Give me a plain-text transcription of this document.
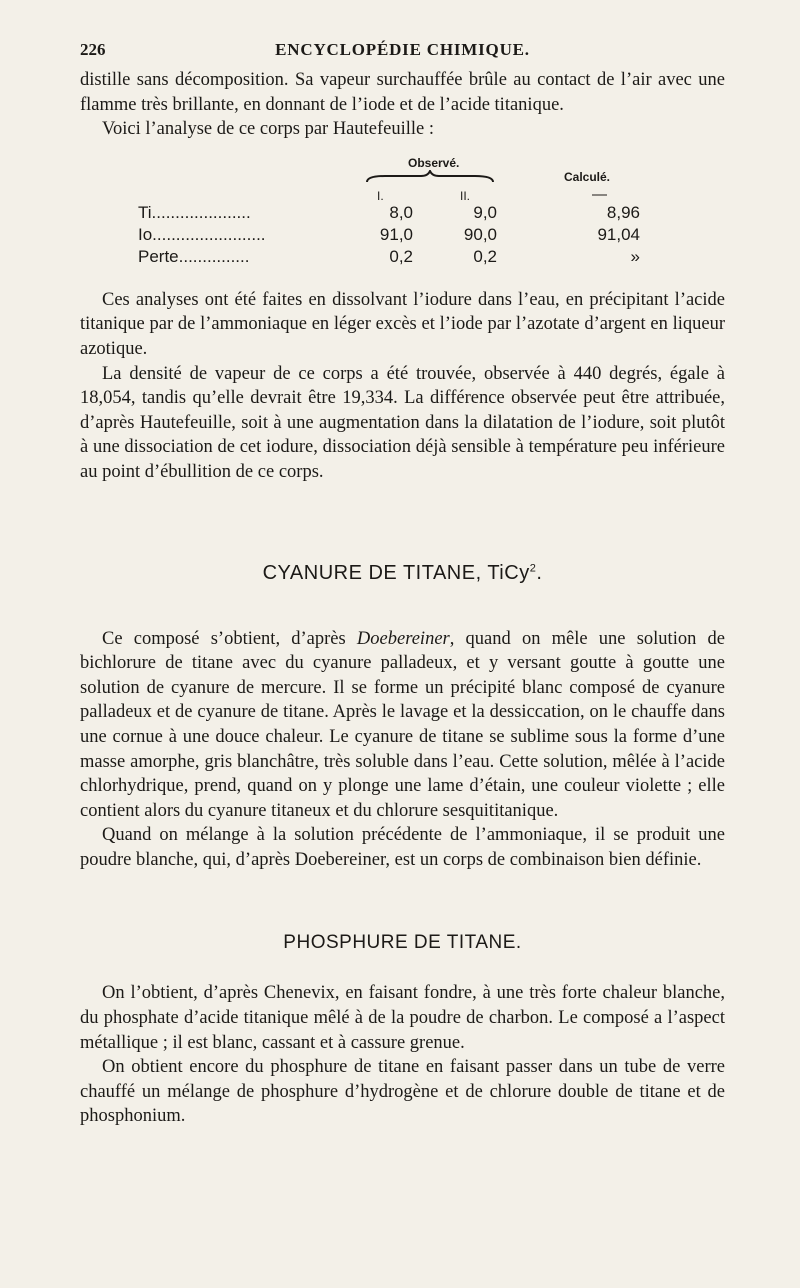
226	ENCYCLOPÉDIE CHIMIQUE.

distille sans décomposition. Sa vapeur surchauffée brûle au contact de l’air avec une flamme très brillante, en donnant de l’iode et de l’acide titanique.

Voici l’analyse de ce corps par Hautefeuille :

Observé.
Calculé.
I.	II.	—
Ti.....................	8,0	9,0	8,96
Io........................	91,0	90,0	91,04
Perte...............	0,2	0,2	»

Ces analyses ont été faites en dissolvant l’iodure dans l’eau, en précipitant l’acide titanique par de l’ammoniaque en léger excès et l’iode par l’azotate d’argent en liqueur azotique.

La densité de vapeur de ce corps a été trouvée, observée à 440 degrés, égale à 18,054, tandis qu’elle devrait être 19,334. La différence observée peut être attribuée, d’après Hautefeuille, soit à une augmentation dans la dilatation de l’iodure, soit plutôt à une dissociation de cet iodure, dissociation déjà sensible à température peu inférieure au point d’ébullition de ce corps.

CYANURE DE TITANE, TiCy$^2$.

Ce composé s’obtient, d’après Doebereiner, quand on mêle une solution de bichlorure de titane avec du cyanure palladeux, et y versant goutte à goutte une solution de cyanure de mercure. Il se forme un précipité blanc composé de cyanure palladeux et de cyanure de titane. Après le lavage et la dessiccation, on le chauffe dans une cornue à une douce chaleur. Le cyanure de titane se sublime sous la forme d’une masse amorphe, gris blanchâtre, très soluble dans l’eau. Cette solution, mêlée à l’acide chlorhydrique, prend, quand on y plonge une lame d’étain, une couleur violette ; elle contient alors du cyanure titaneux et du chlorure sesquititanique.

Quand on mélange à la solution précédente de l’ammoniaque, il se produit une poudre blanche, qui, d’après Doebereiner, est un corps de combinaison bien définie.

PHOSPHURE DE TITANE.

On l’obtient, d’après Chenevix, en faisant fondre, à une très forte chaleur blanche, du phosphate d’acide titanique mêlé à de la poudre de charbon. Le composé a l’aspect métallique ; il est blanc, cassant et à cassure grenue.

On obtient encore du phosphure de titane en faisant passer dans un tube de verre chauffé un mélange de phosphure d’hydrogène et de chlorure double de titane et de phosphonium.
